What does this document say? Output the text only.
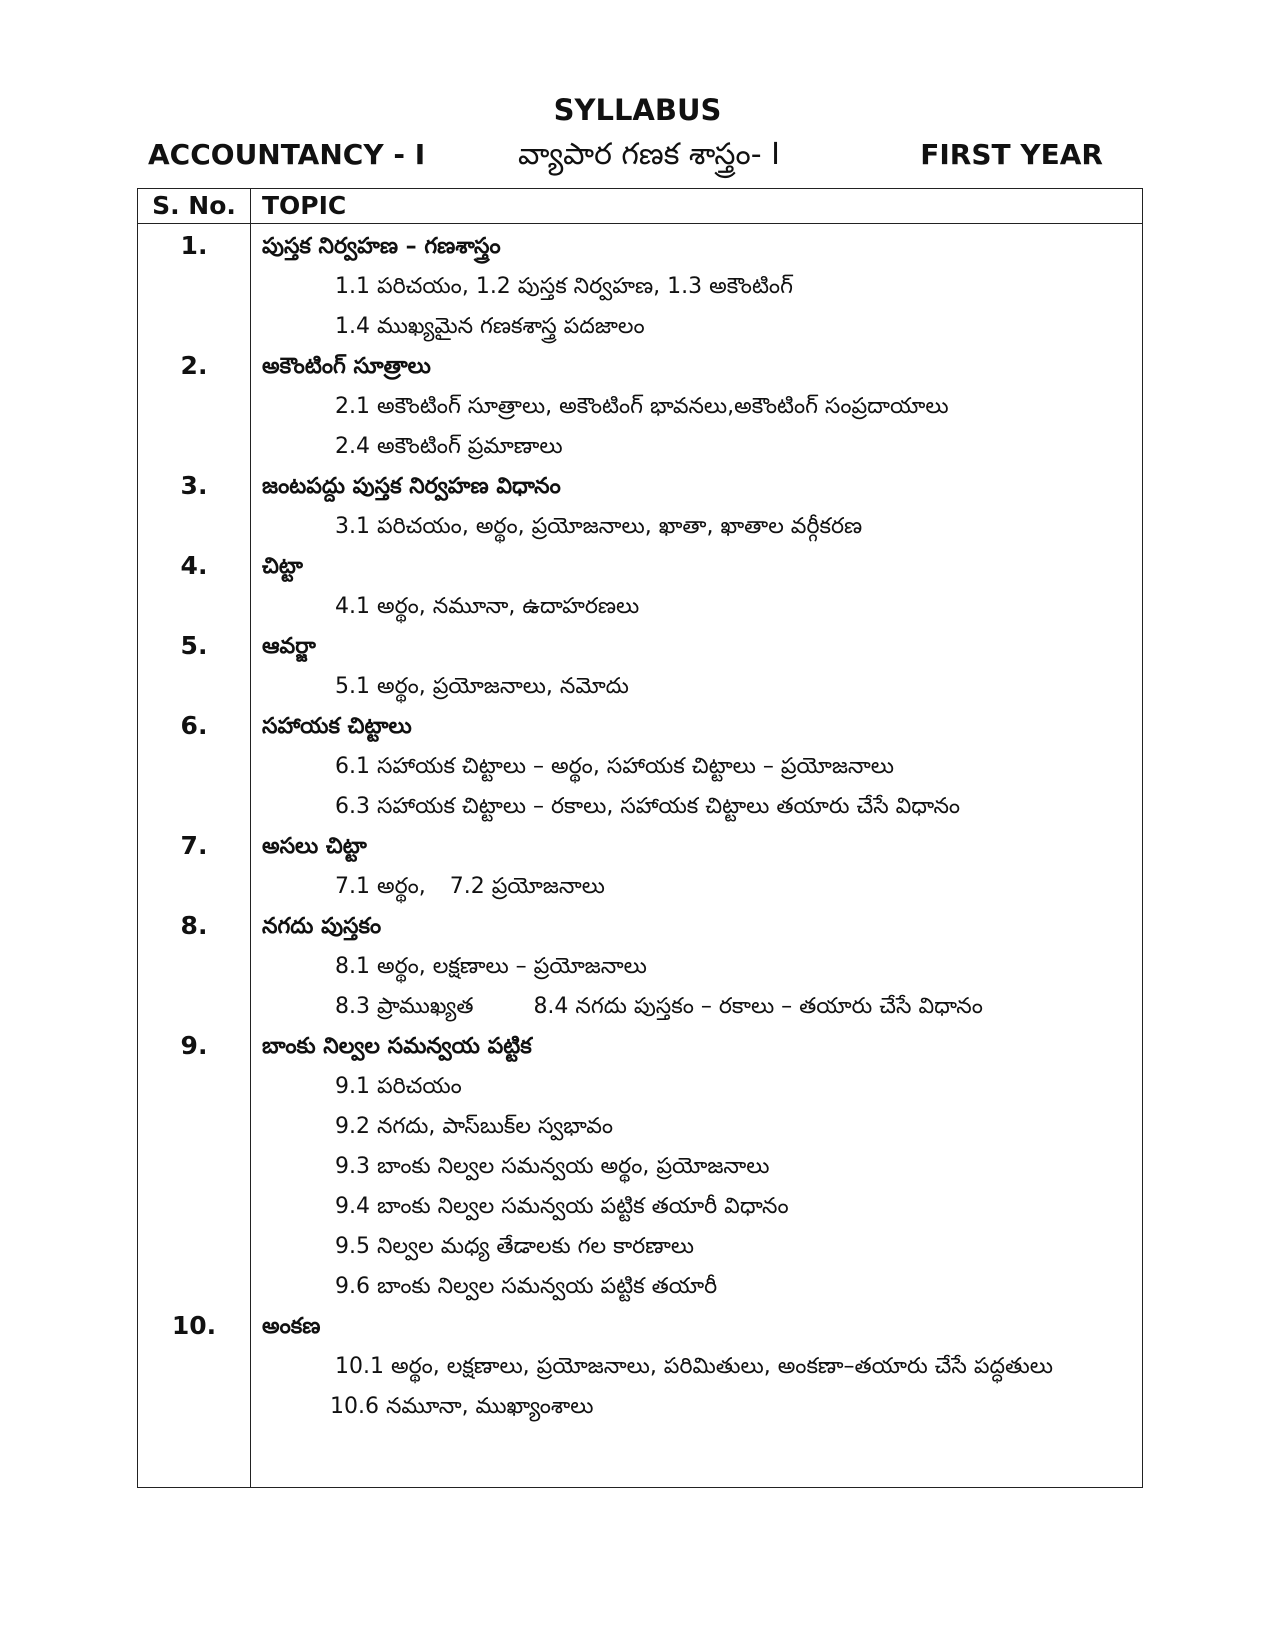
SYLLABUS
ACCOUNTANCY - I	వ్యాపార గణక శాస్త్రం- I	FIRST YEAR
S. No.	TOPIC
1.	పుస్తక నిర్వహణ – గణశాస్త్రం
1.1 పరిచయం, 1.2 పుస్తక నిర్వహణ, 1.3 అకౌంటింగ్
1.4 ముఖ్యమైన గణకశాస్త్ర పదజాలం
2.	అకౌంటింగ్ సూత్రాలు
2.1 అకౌంటింగ్ సూత్రాలు, అకౌంటింగ్ భావనలు,అకౌంటింగ్ సంప్రదాయాలు
2.4 అకౌంటింగ్ ప్రమాణాలు
3.	జంటపద్దు పుస్తక నిర్వహణ విధానం
3.1 పరిచయం, అర్థం, ప్రయోజనాలు, ఖాతా, ఖాతాల వర్గీకరణ
4.	చిట్టా
4.1 అర్థం, నమూనా, ఉదాహరణలు
5.	ఆవర్జా
5.1 అర్థం, ప్రయోజనాలు, నమోదు
6.	సహాయక చిట్టాలు
6.1 సహాయక చిట్టాలు – అర్థం, సహాయక చిట్టాలు – ప్రయోజనాలు
6.3 సహాయక చిట్టాలు – రకాలు, సహాయక చిట్టాలు తయారు చేసే విధానం
7.	అసలు చిట్టా
7.1 అర్థం, 7.2 ప్రయోజనాలు
8.	నగదు పుస్తకం
8.1 అర్థం, లక్షణాలు – ప్రయోజనాలు
8.3 ప్రాముఖ్యత	8.4 నగదు పుస్తకం – రకాలు – తయారు చేసే విధానం
9.	బాంకు నిల్వల సమన్వయ పట్టిక
9.1 పరిచయం
9.2 నగదు, పాస్‌బుక్‌ల స్వభావం
9.3 బాంకు నిల్వల సమన్వయ అర్థం, ప్రయోజనాలు
9.4 బాంకు నిల్వల సమన్వయ పట్టిక తయారీ విధానం
9.5 నిల్వల మధ్య తేడాలకు గల కారణాలు
9.6 బాంకు నిల్వల సమన్వయ పట్టిక తయారీ
10.	అంకణ
10.1 అర్థం, లక్షణాలు, ప్రయోజనాలు, పరిమితులు, అంకణా–తయారు చేసే పద్ధతులు
10.6 నమూనా, ముఖ్యాంశాలు
